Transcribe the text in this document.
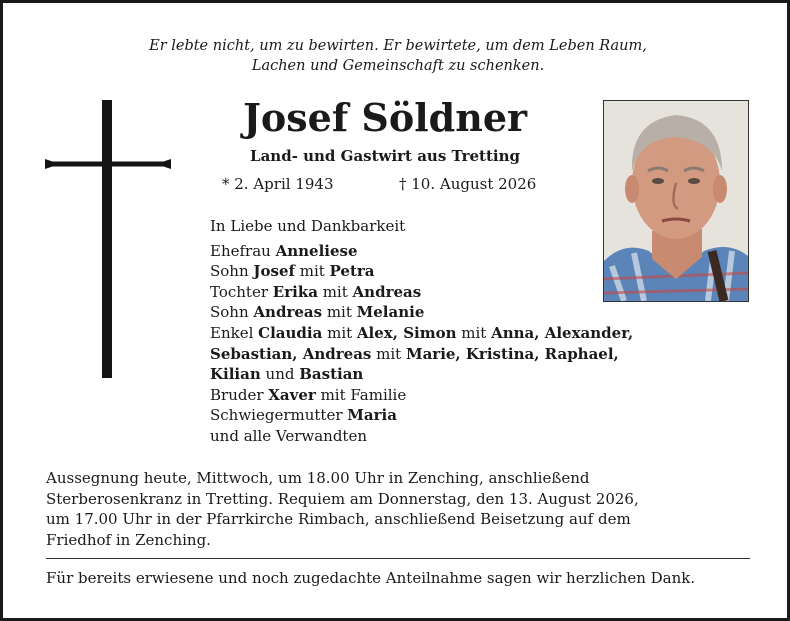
Er lebte nicht, um zu bewirten. Er bewirtete, um dem Leben Raum,
Lachen und Gemeinschaft zu schenken.
Josef Söldner
Land- und Gastwirt aus Tretting
* 2. April 1943	† 10. August 2026
In Liebe und Dankbarkeit
Ehefrau Anneliese
Sohn Josef mit Petra
Tochter Erika mit Andreas
Sohn Andreas mit Melanie
Enkel Claudia mit Alex, Simon mit Anna, Alexander,
Sebastian, Andreas mit Marie, Kristina, Raphael,
Kilian und Bastian
Bruder Xaver mit Familie
Schwiegermutter Maria
und alle Verwandten
Aussegnung heute, Mittwoch, um 18.00 Uhr in Zenching, anschließend
Sterberosenkranz in Tretting. Requiem am Donnerstag, den 13. August 2026,
um 17.00 Uhr in der Pfarrkirche Rimbach, anschließend Beisetzung auf dem
Friedhof in Zenching.
Für bereits erwiesene und noch zugedachte Anteilnahme sagen wir herzlichen Dank.
